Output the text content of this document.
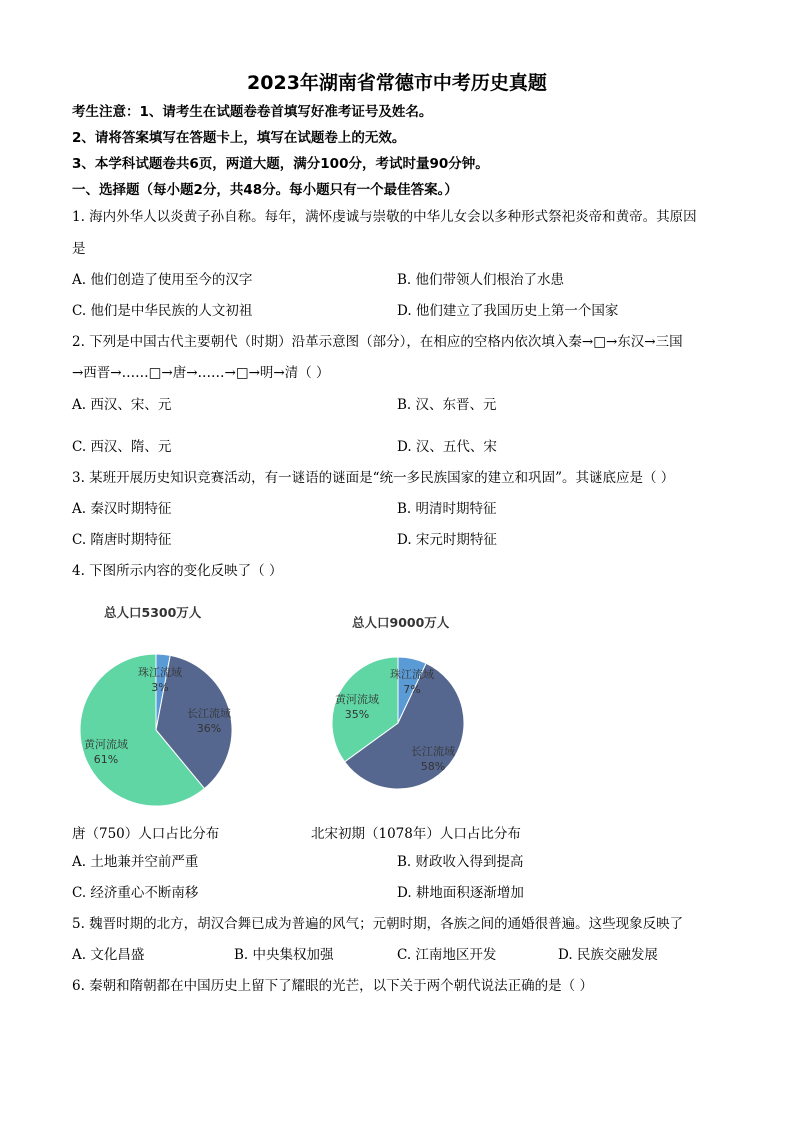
2023年湖南省常德市中考历史真题
考生注意：1、请考生在试题卷卷首填写好准考证号及姓名。
2、请将答案填写在答题卡上，填写在试题卷上的无效。
3、本学科试题卷共6页，两道大题，满分100分，考试时量90分钟。
一、选择题（每小题2分，共48分。每小题只有一个最佳答案。）
1. 海内外华人以炎黄子孙自称。每年，满怀虔诚与崇敬的中华儿女会以多种形式祭祀炎帝和黄帝。其原因
是
A. 他们创造了使用至今的汉字	B. 他们带领人们根治了水患
C. 他们是中华民族的人文初祖	D. 他们建立了我国历史上第一个国家
2. 下列是中国古代主要朝代（时期）沿革示意图（部分），在相应的空格内依次填入秦→□→东汉→三国
→西晋→……□→唐→……→□→明→清（ ）
A. 西汉、宋、元	B. 汉、东晋、元
C. 西汉、隋、元	D. 汉、五代、宋
3. 某班开展历史知识竞赛活动，有一谜语的谜面是“统一多民族国家的建立和巩固”。其谜底应是（ ）
A. 秦汉时期特征	B. 明清时期特征
C. 隋唐时期特征	D. 宋元时期特征
4. 下图所示内容的变化反映了（ ）
总人口5300万人
总人口9000万人
珠江流域
3%
长江流域
36%
黄河流域
61%
珠江流域
7%
长江流域
58%
黄河流域
35%
唐（750）人口占比分布	北宋初期（1078年）人口占比分布
A. 土地兼并空前严重	B. 财政收入得到提高
C. 经济重心不断南移	D. 耕地面积逐渐增加
5. 魏晋时期的北方，胡汉合舞已成为普遍的风气；元朝时期，各族之间的通婚很普遍。这些现象反映了
A. 文化昌盛	B. 中央集权加强	C. 江南地区开发	D. 民族交融发展
6. 秦朝和隋朝都在中国历史上留下了耀眼的光芒，以下关于两个朝代说法正确的是（ ）
